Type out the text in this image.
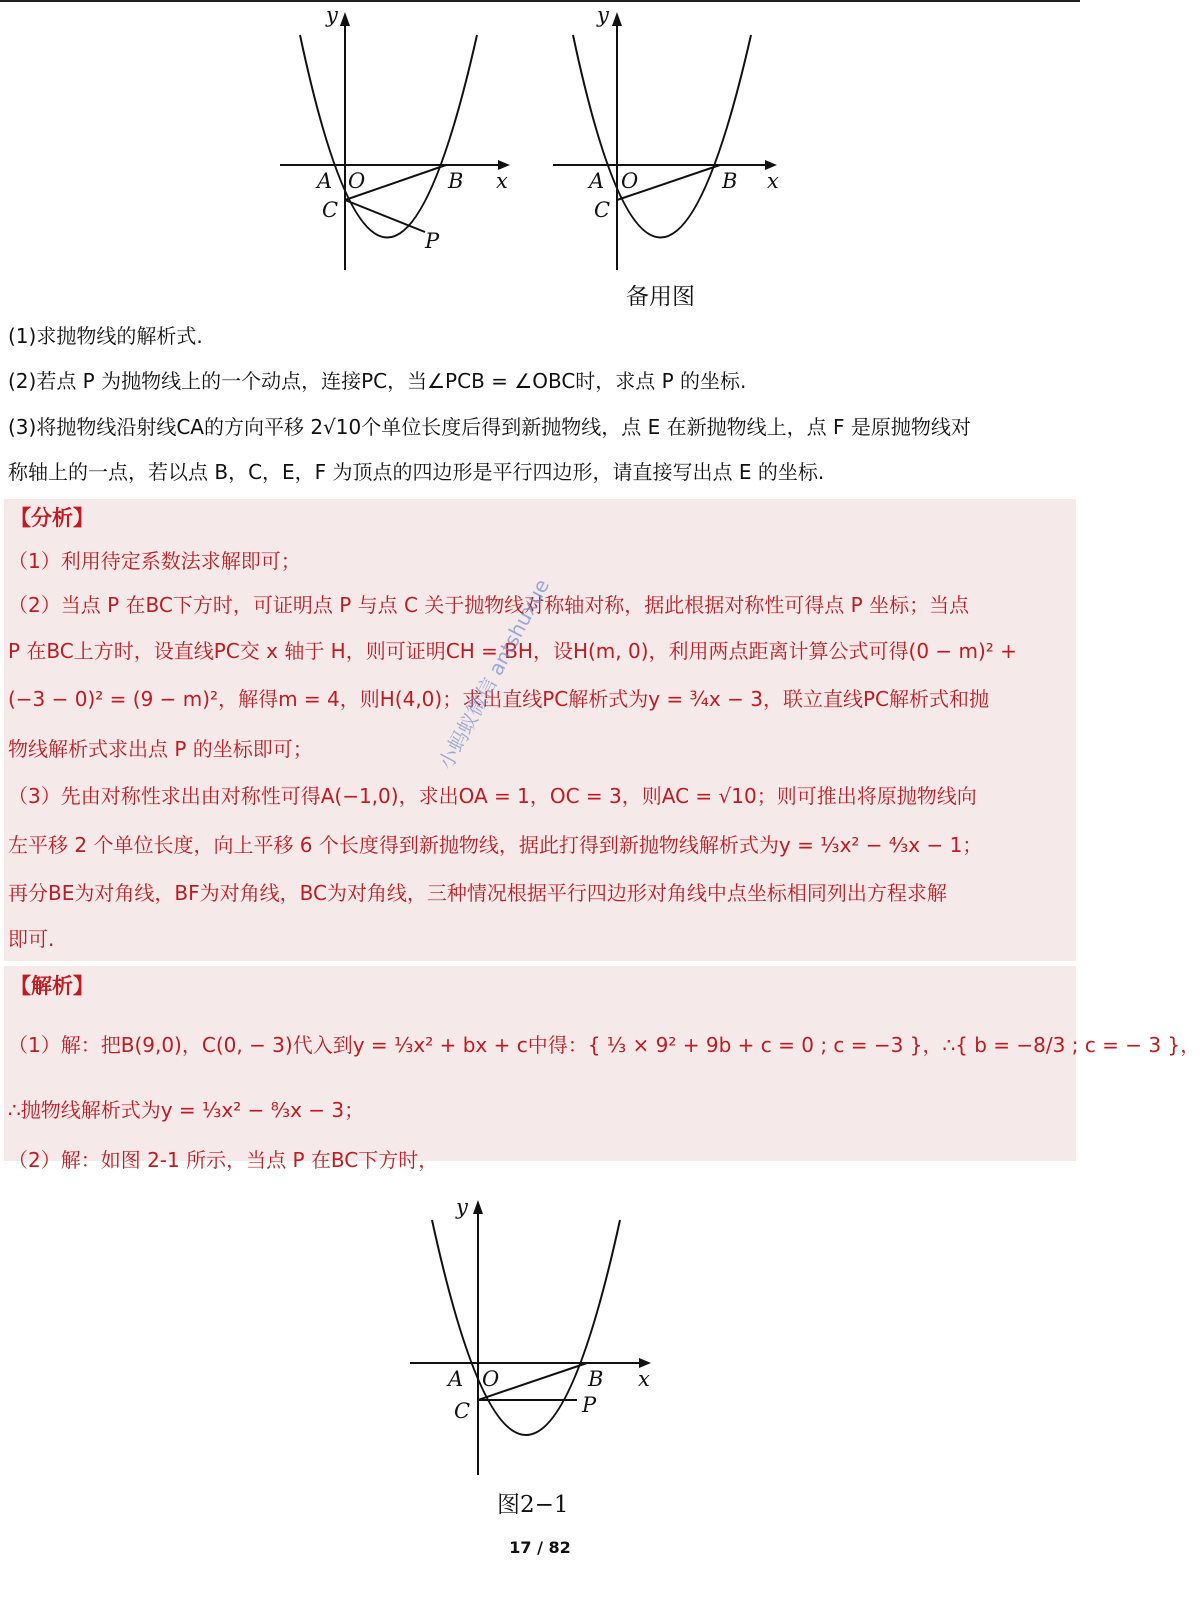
y
x
A O	B
C
P
y
x
A O	B
C
备用图
(1)求抛物线的解析式.
(2)若点 P 为抛物线上的一个动点，连接PC，当∠PCB = ∠OBC时，求点 P 的坐标.
(3)将抛物线沿射线CA的方向平移 2√10个单位长度后得到新抛物线，点 E 在新抛物线上，点 F 是原抛物线对
称轴上的一点，若以点 B，C，E，F 为顶点的四边形是平行四边形，请直接写出点 E 的坐标.
【分析】
（1）利用待定系数法求解即可；
（2）当点 P 在BC下方时，可证明点 P 与点 C 关于抛物线对称轴对称，据此根据对称性可得点 P 坐标；当点
P 在BC上方时，设直线PC交 x 轴于 H，则可证明CH = BH，设H(m, 0)，利用两点距离计算公式可得(0 − m)² +
(−3 − 0)² = (9 − m)²，解得m = 4，则H(4,0)；求出直线PC解析式为y = ¾x − 3，联立直线PC解析式和抛
物线解析式求出点 P 的坐标即可；
（3）先由对称性求出由对称性可得A(−1,0)，求出OA = 1，OC = 3，则AC = √10；则可推出将原抛物线向
左平移 2 个单位长度，向上平移 6 个长度得到新抛物线，据此打得到新抛物线解析式为y = ⅓x² − ⁴⁄₃x − 1；
再分BE为对角线，BF为对角线，BC为对角线，三种情况根据平行四边形对角线中点坐标相同列出方程求解
即可.
小蚂蚁微信 antshuxue
【解析】
（1）解：把B(9,0)，C(0, − 3)代入到y = ⅓x² + bx + c中得：{ ⅓ × 9² + 9b + c = 0 ; c = −3 }，∴{ b = −8/3 ; c = − 3 }，
∴抛物线解析式为y = ⅓x² − ⁸⁄₃x − 3；
（2）解：如图 2-1 所示，当点 P 在BC下方时，
y
x
A O	B
C	P
图2−1
17 / 82
